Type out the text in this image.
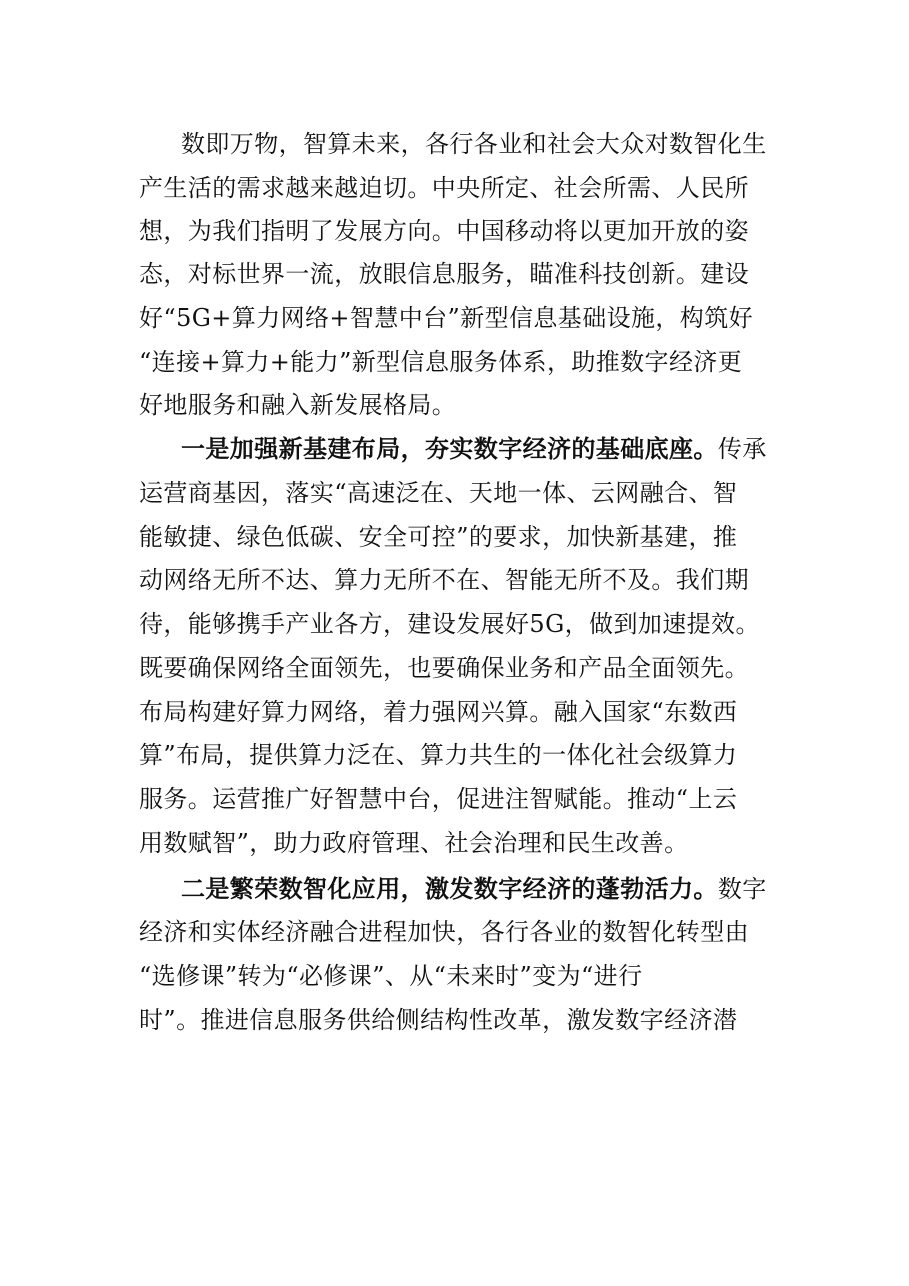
数即万物，智算未来，各行各业和社会大众对数智化生
产生活的需求越来越迫切。中央所定、社会所需、人民所
想，为我们指明了发展方向。中国移动将以更加开放的姿
态，对标世界一流，放眼信息服务，瞄准科技创新。建设
好“5G+算力网络+智慧中台”新型信息基础设施，构筑好
“连接+算力+能力”新型信息服务体系，助推数字经济更
好地服务和融入新发展格局。
一是加强新基建布局，夯实数字经济的基础底座。传承
运营商基因，落实“高速泛在、天地一体、云网融合、智
能敏捷、绿色低碳、安全可控”的要求，加快新基建，推
动网络无所不达、算力无所不在、智能无所不及。我们期
待，能够携手产业各方，建设发展好5G，做到加速提效。
既要确保网络全面领先，也要确保业务和产品全面领先。
布局构建好算力网络，着力强网兴算。融入国家“东数西
算”布局，提供算力泛在、算力共生的一体化社会级算力
服务。运营推广好智慧中台，促进注智赋能。推动“上云
用数赋智”，助力政府管理、社会治理和民生改善。
二是繁荣数智化应用，激发数字经济的蓬勃活力。数字
经济和实体经济融合进程加快，各行各业的数智化转型由
“选修课”转为“必修课”、从“未来时”变为“进行
时”。推进信息服务供给侧结构性改革，激发数字经济潜
